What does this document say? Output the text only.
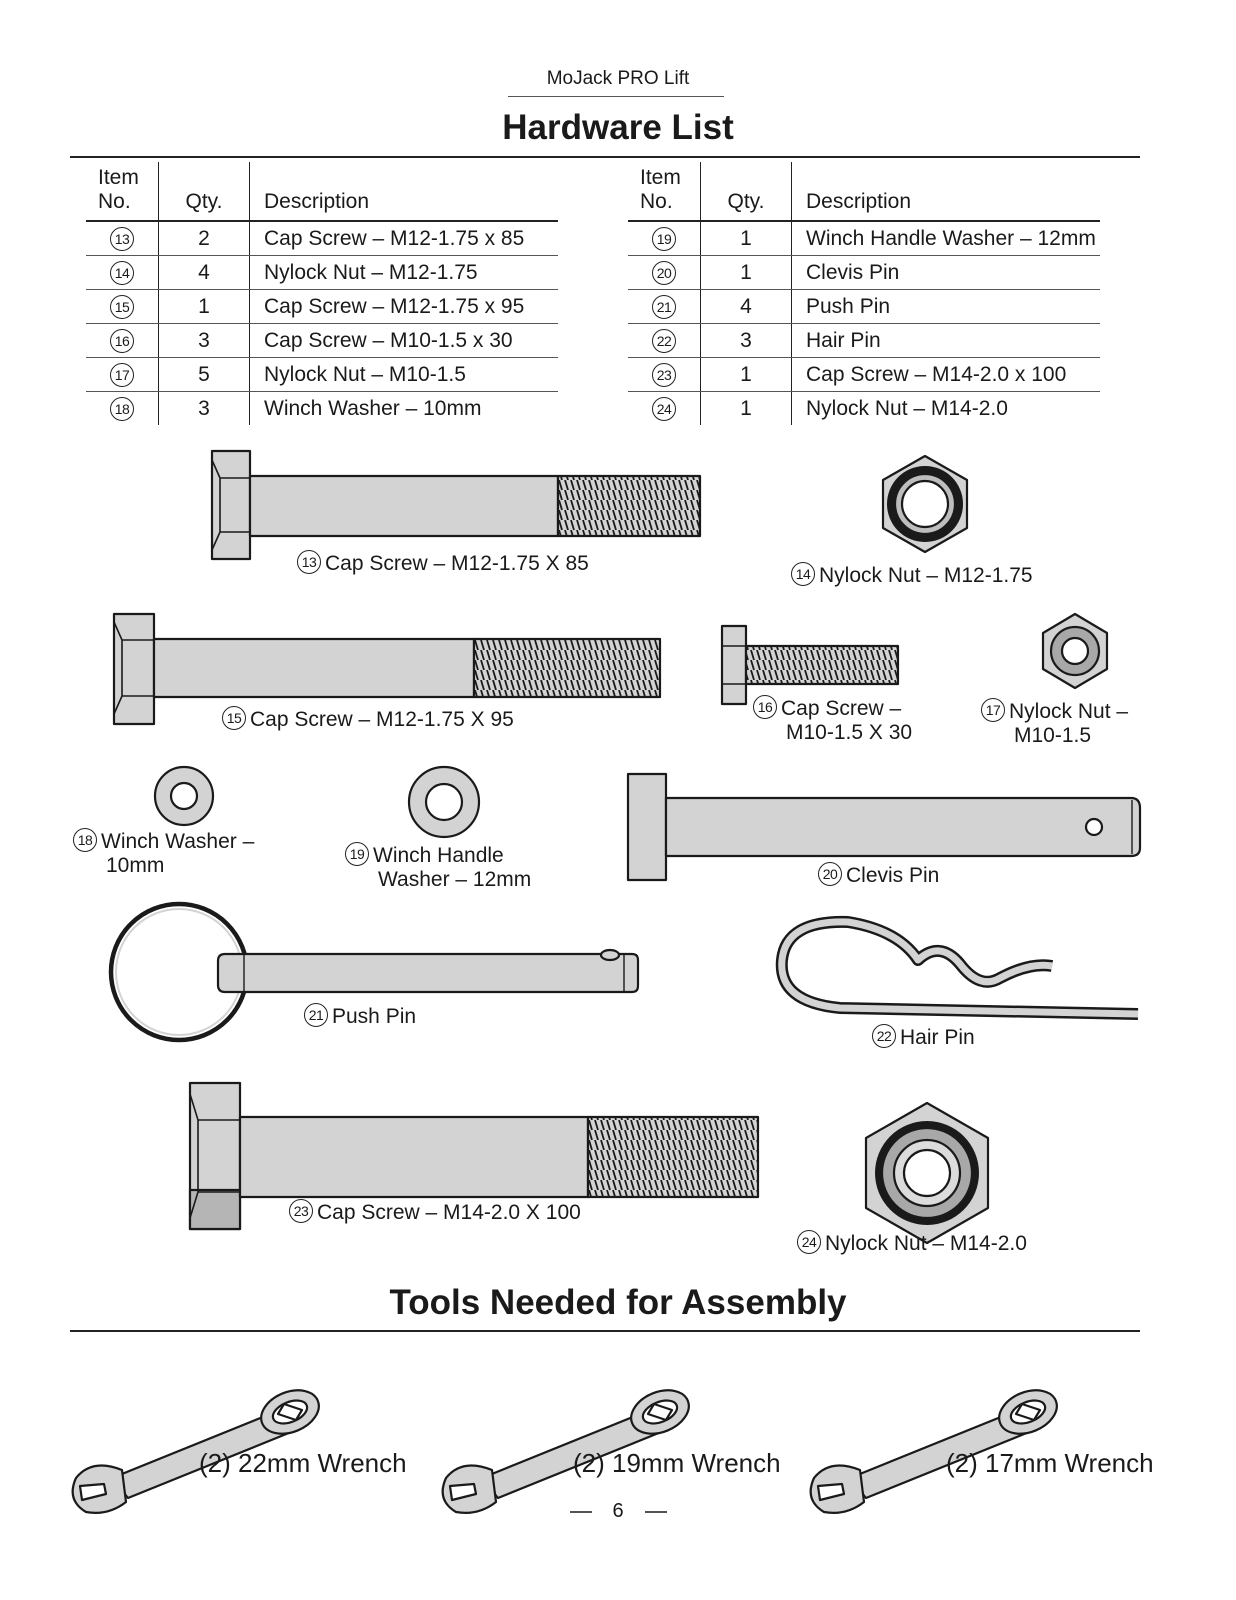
MoJack PRO Lift
Hardware List
Item
No.	Qty.	Description
13	2	Cap Screw – M12-1.75 x 85
14	4	Nylock Nut – M12-1.75
15	1	Cap Screw – M12-1.75 x 95
16	3	Cap Screw – M10-1.5 x 30
17	5	Nylock Nut – M10-1.5
18	3	Winch Washer – 10mm
Item
No.	Qty.	Description
19	1	Winch Handle Washer – 12mm
20	1	Clevis Pin
21	4	Push Pin
22	3	Hair Pin
23	1	Cap Screw – M14-2.0 x 100
24	1	Nylock Nut – M14-2.0
13 Cap Screw – M12-1.75 X 85	14 Nylock Nut – M12-1.75
15 Cap Screw – M12-1.75 X 95
16 Cap Screw –
M10-1.5 X 30
17 Nylock Nut –
M10-1.5
18 Winch Washer –
10mm	19 Winch Handle
Washer – 12mm	20 Clevis Pin
21 Push Pin
22 Hair Pin
23 Cap Screw – M14-2.0 X 100
24 Nylock Nut – M14-2.0
Tools Needed for Assembly
(2) 22mm Wrench	(2) 19mm Wrench	(2) 17mm Wrench
6
